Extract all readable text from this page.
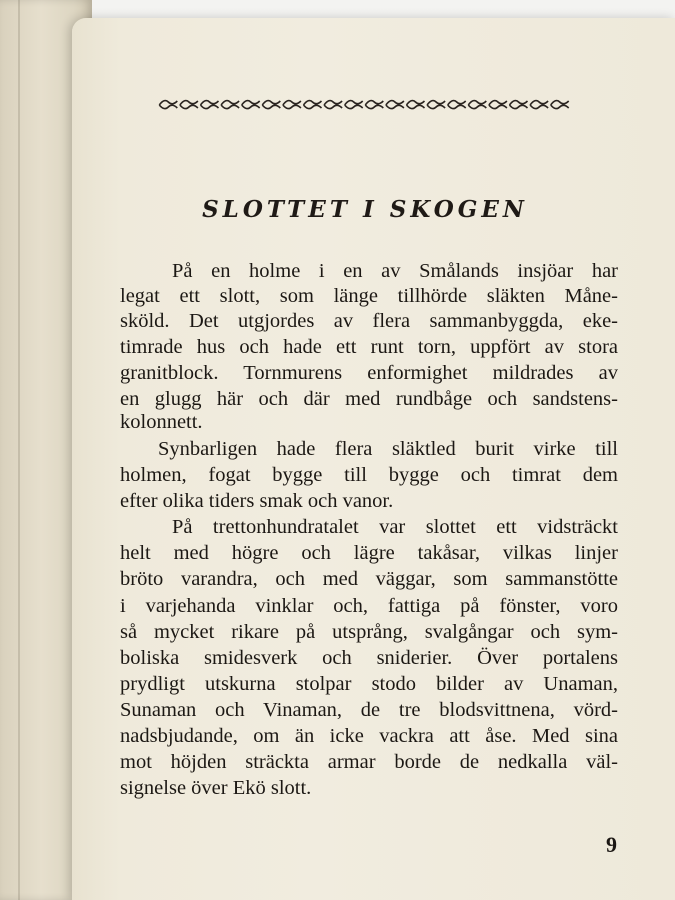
SLOTTET I SKOGEN
På en holme i en av Smålands insjöar har
legat ett slott, som länge tillhörde släkten Måne-
sköld. Det utgjordes av flera sammanbyggda, eke-
timrade hus och hade ett runt torn, uppfört av stora
granitblock. Tornmurens enformighet mildrades av
en glugg här och där med rundbåge och sandstens-
kolonnett.
Synbarligen hade flera släktled burit virke till
holmen, fogat bygge till bygge och timrat dem
efter olika tiders smak och vanor.
På trettonhundratalet var slottet ett vidsträckt
helt med högre och lägre takåsar, vilkas linjer
bröto varandra, och med väggar, som sammanstötte
i varjehanda vinklar och, fattiga på fönster, voro
så mycket rikare på utsprång, svalgångar och sym-
boliska smidesverk och sniderier. Över portalens
prydligt utskurna stolpar stodo bilder av Unaman,
Sunaman och Vinaman, de tre blodsvittnena, vörd-
nadsbjudande, om än icke vackra att åse. Med sina
mot höjden sträckta armar borde de nedkalla väl-
signelse över Ekö slott.
9
